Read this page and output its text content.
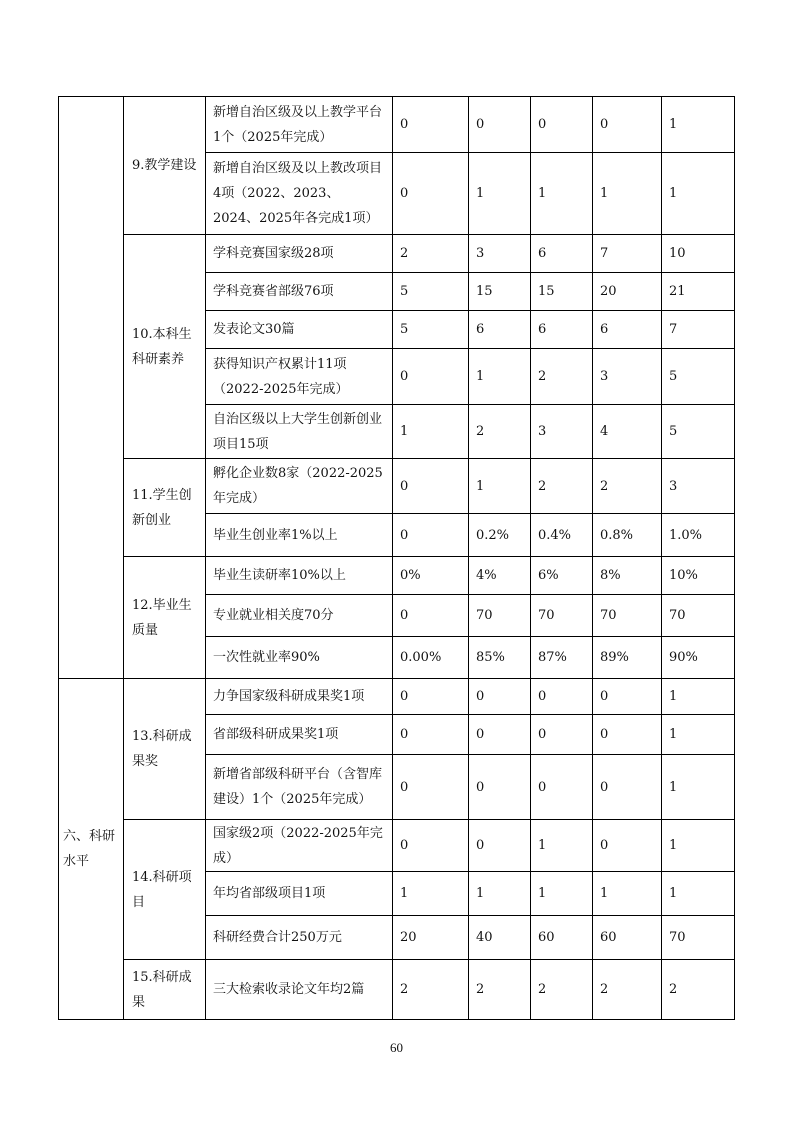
	9.教学建设	新增自治区级及以上教学平台1个（2025年完成）	0	0	0	0	1
		新增自治区级及以上教改项目4项（2022、2023、2024、2025年各完成1项）	0	1	1	1	1
	10.本科生科研素养	学科竞赛国家级28项	2	3	6	7	10
		学科竞赛省部级76项	5	15	15	20	21
		发表论文30篇	5	6	6	6	7
		获得知识产权累计11项（2022-2025年完成）	0	1	2	3	5
		自治区级以上大学生创新创业项目15项	1	2	3	4	5
	11.学生创新创业	孵化企业数8家（2022-2025年完成）	0	1	2	2	3
		毕业生创业率1%以上	0	0.2%	0.4%	0.8%	1.0%
	12.毕业生质量	毕业生读研率10%以上	0%	4%	6%	8%	10%
		专业就业相关度70分	0	70	70	70	70
		一次性就业率90%	0.00%	85%	87%	89%	90%
六、科研水平	13.科研成果奖	力争国家级科研成果奖1项	0	0	0	0	1
		省部级科研成果奖1项	0	0	0	0	1
		新增省部级科研平台（含智库建设）1个（2025年完成）	0	0	0	0	1
	14.科研项目	国家级2项（2022-2025年完成）	0	0	1	0	1
		年均省部级项目1项	1	1	1	1	1
		科研经费合计250万元	20	40	60	60	70
	15.科研成果	三大检索收录论文年均2篇	2	2	2	2	2
60
